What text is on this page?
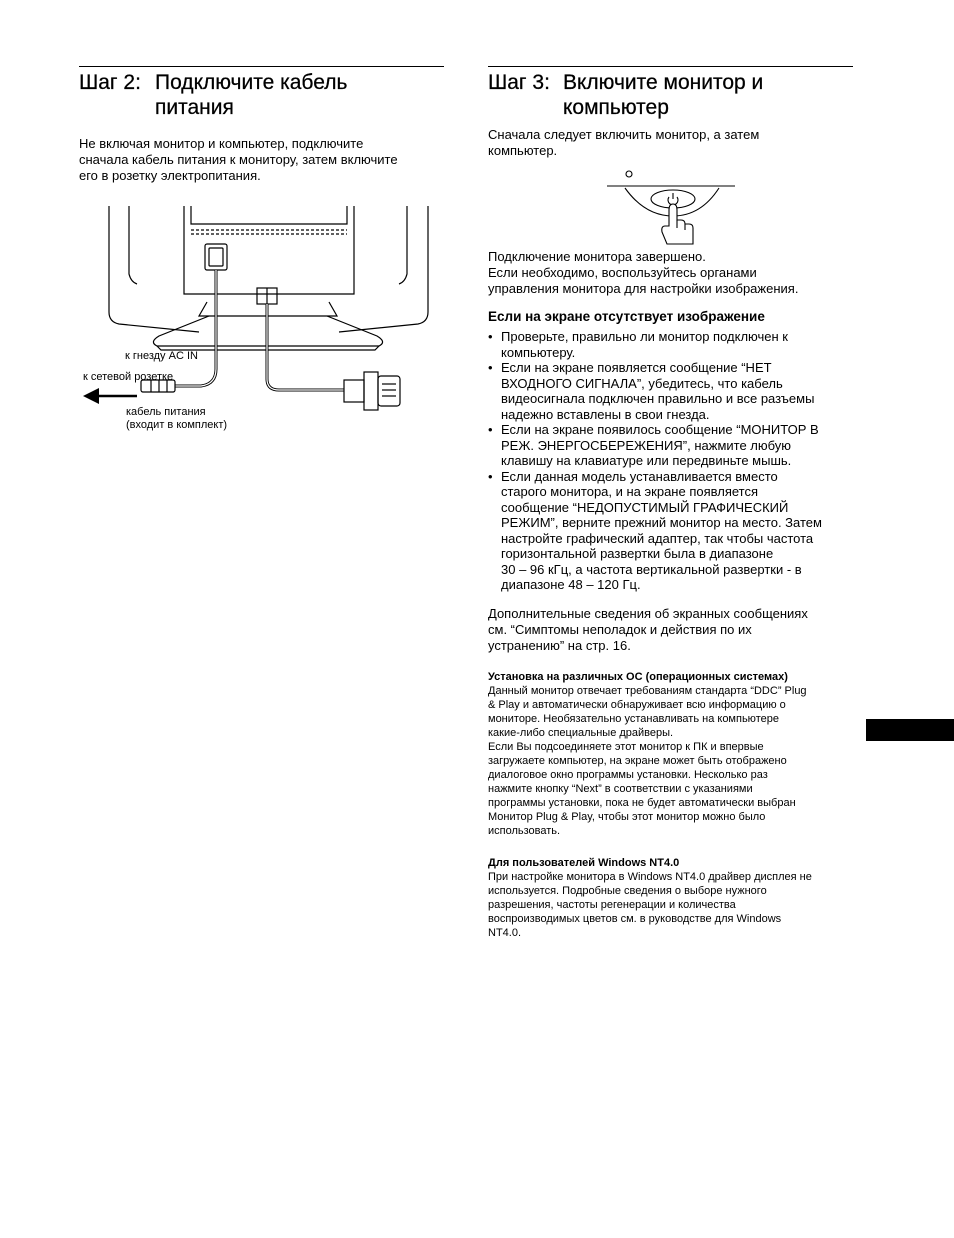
Шаг 2: Подключите кабель
питания

Не включая монитор и компьютер, подключите
сначала кабель питания к монитору, затем включите
его в розетку электропитания.

к гнезду AC IN
к сетевой розетке
кабель питания
(входит в комплект)
Шаг 3: Включите монитор и
компьютер

Сначала следует включить монитор, а затем
компьютер.

Подключение монитора завершено.
Если необходимо, воспользуйтесь органами
управления монитора для настройки изображения.

Если на экране отсутствует изображение
• Проверьте, правильно ли монитор подключен к
компьютеру.
• Если на экране появляется сообщение “НЕТ
ВХОДНОГО СИГНАЛА”, убедитесь, что кабель
видеосигнала подключен правильно и все разъемы
надежно вставлены в свои гнезда.
• Если на экране появилось сообщение “МОНИТОР В
РЕЖ. ЭНЕРГОСБЕРЕЖЕНИЯ”, нажмите любую
клавишу на клавиатуре или передвиньте мышь.
• Если данная модель устанавливается вместо
старого монитора, и на экране появляется
сообщение “НЕДОПУСТИМЫЙ ГРАФИЧЕСКИЙ
РЕЖИМ”, верните прежний монитор на место. Затем
настройте графический адаптер, так чтобы частота
горизонтальной развертки была в диапазоне
30 – 96 кГц, а частота вертикальной развертки - в
диапазоне 48 – 120 Гц.

Дополнительные сведения об экранных сообщениях
см. “Симптомы неполадок и действия по их
устранению” на стр. 16.

Установка на различных ОС (операционных системах)

Данный монитор отвечает требованиям стандарта “DDC” Plug
& Play и автоматически обнаруживает всю информацию о
мониторе. Необязательно устанавливать на компьютере
какие-либо специальные драйверы.
Если Вы подсоединяете этот монитор к ПК и впервые
загружаете компьютер, на экране может быть отображено
диалоговое окно программы установки. Несколько раз
нажмите кнопку “Next” в соответствии с указаниями
программы установки, пока не будет автоматически выбран
Монитор Plug & Play, чтобы этот монитор можно было
использовать.

Для пользователей Windows NT4.0

При настройке монитора в Windows NT4.0 драйвер дисплея не
используется. Подробные сведения о выборе нужного
разрешения, частоты регенерации и количества
воспроизводимых цветов см. в руководстве для Windows
NT4.0.
